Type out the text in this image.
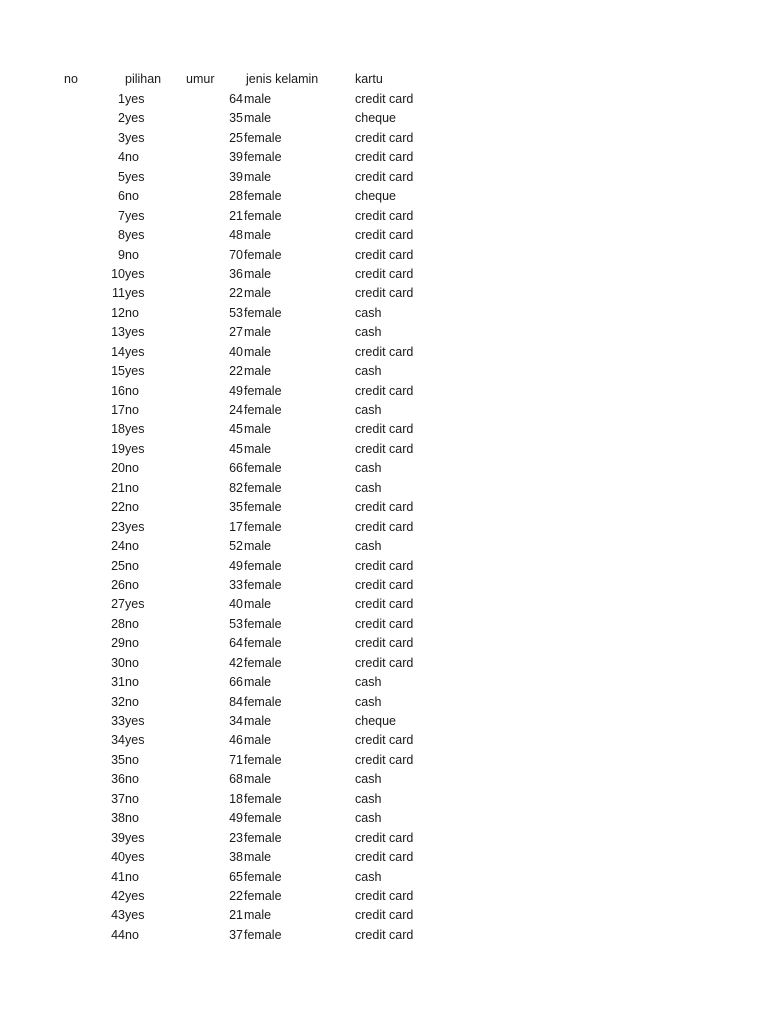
no	pilihan umur	jenis kelamin	kartu
1 yes	64 male	credit card
2 yes	35 male	cheque
3 yes	25 female	credit card
4 no	39 female	credit card
5 yes	39 male	credit card
6 no	28 female	cheque
7 yes	21 female	credit card
8 yes	48 male	credit card
9 no	70 female	credit card
10 yes	36 male	credit card
11 yes	22 male	credit card
12 no	53 female	cash
13 yes	27 male	cash
14 yes	40 male	credit card
15 yes	22 male	cash
16 no	49 female	credit card
17 no	24 female	cash
18 yes	45 male	credit card
19 yes	45 male	credit card
20 no	66 female	cash
21 no	82 female	cash
22 no	35 female	credit card
23 yes	17 female	credit card
24 no	52 male	cash
25 no	49 female	credit card
26 no	33 female	credit card
27 yes	40 male	credit card
28 no	53 female	credit card
29 no	64 female	credit card
30 no	42 female	credit card
31 no	66 male	cash
32 no	84 female	cash
33 yes	34 male	cheque
34 yes	46 male	credit card
35 no	71 female	credit card
36 no	68 male	cash
37 no	18 female	cash
38 no	49 female	cash
39 yes	23 female	credit card
40 yes	38 male	credit card
41 no	65 female	cash
42 yes	22 female	credit card
43 yes	21 male	credit card
44 no	37 female	credit card
